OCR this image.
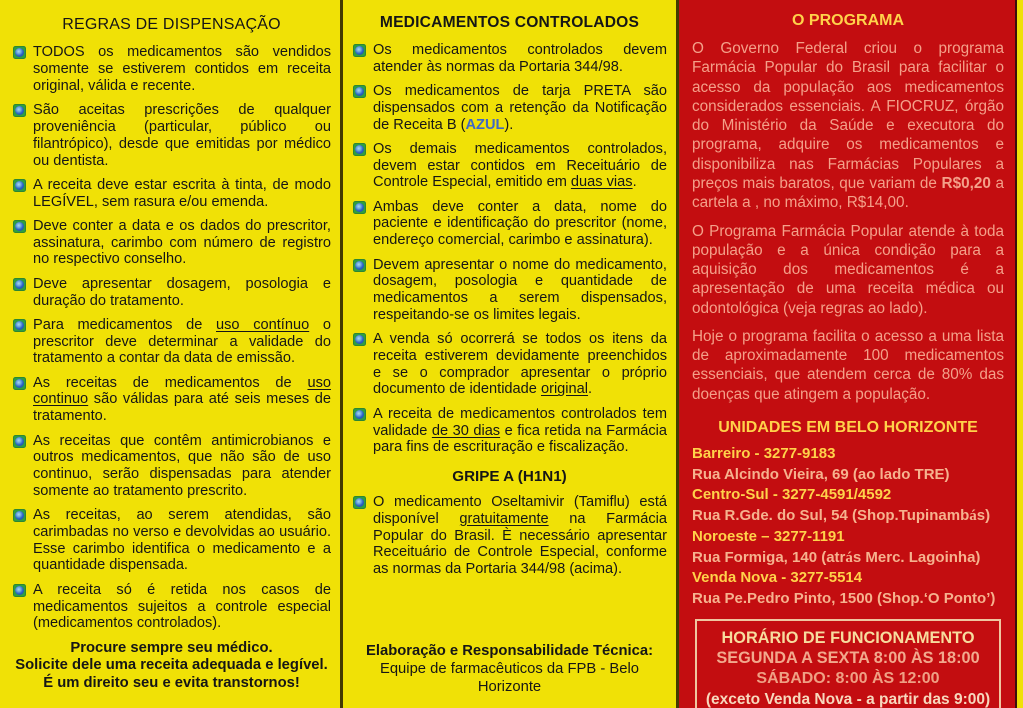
REGRAS DE DISPENSAÇÃO
TODOS os medicamentos são vendidos somente se estiverem contidos em receita original, válida e recente.
São aceitas prescrições de qualquer proveniência (particular, público ou filantrópico), desde que emitidas por médico ou dentista.
A receita deve estar escrita à tinta, de modo LEGÍVEL, sem rasura e/ou emenda.
Deve conter a data e os dados do prescritor, assinatura, carimbo com número de registro no respectivo conselho.
Deve apresentar dosagem, posologia e duração do tratamento.
Para medicamentos de uso contínuo o prescritor deve determinar a validade do tratamento a contar da data de emissão.
As receitas de medicamentos de uso continuo são válidas para até seis meses de tratamento.
As receitas que contêm antimicrobianos e outros medicamentos, que não são de uso continuo, serão dispensadas para atender somente ao tratamento prescrito.
As receitas, ao serem atendidas, são carimbadas no verso e devolvidas ao usuário. Esse carimbo identifica o medicamento e a quantidade dispensada.
A receita só é retida nos casos de medicamentos sujeitos a controle especial (medicamentos controlados).
Procure sempre seu médico.
Solicite dele uma receita adequada e legível.
É um direito seu e evita transtornos!
MEDICAMENTOS CONTROLADOS
Os medicamentos controlados devem atender às normas da Portaria 344/98.
Os medicamentos de tarja PRETA são dispensados com a retenção da Notificação de Receita B (AZUL).
Os demais medicamentos controlados, devem estar contidos em Receituário de Controle Especial, emitido em duas vias.
Ambas deve conter a data, nome do paciente e identificação do prescritor (nome, endereço comercial, carimbo e assinatura).
Devem apresentar o nome do medicamento, dosagem, posologia e quantidade de medicamentos a serem dispensados, respeitando-se os limites legais.
A venda só ocorrerá se todos os itens da receita estiverem devidamente preenchidos e se o comprador apresentar o próprio documento de identidade original.
A receita de medicamentos controlados tem validade de 30 dias e fica retida na Farmácia para fins de escrituração e fiscalização.
GRIPE A (H1N1)
O medicamento Oseltamivir (Tamiflu) está disponível gratuitamente na Farmácia Popular do Brasil. È necessário apresentar Receituário de Controle Especial, conforme as normas da Portaria 344/98 (acima).
Elaboração e Responsabilidade Técnica:
Equipe de farmacêuticos da FPB - Belo Horizonte
O PROGRAMA

O Governo Federal criou o programa Farmácia Popular do Brasil para facilitar o acesso da população aos medicamentos considerados essenciais. A FIOCRUZ, órgão do Ministério da Saúde e executora do programa, adquire os medicamentos e disponibiliza nas Farmácias Populares a preços mais baratos, que variam de R$0,20 a cartela a , no máximo, R$14,00.

O Programa Farmácia Popular atende à toda população e a única condição para a aquisição dos medicamentos é a apresentação de uma receita médica ou odontológica (veja regras ao lado).

Hoje o programa facilita o acesso a uma lista de aproximadamente 100 medicamentos essenciais, que atendem cerca de 80% das doenças que atingem a população.

UNIDADES EM BELO HORIZONTE
Barreiro - 3277-9183
Rua Alcindo Vieira, 69 (ao lado TRE)
Centro-Sul - 3277-4591/4592
Rua R.Gde. do Sul, 54 (Shop.Tupinambás)
Noroeste – 3277-1191
Rua Formiga, 140 (atrás Merc. Lagoinha)
Venda Nova - 3277-5514
Rua Pe.Pedro Pinto, 1500 (Shop.‘O Ponto’)
HORÁRIO DE FUNCIONAMENTO
SEGUNDA A SEXTA 8:00 ÀS 18:00
SÁBADO: 8:00 ÀS 12:00
(exceto Venda Nova - a partir das 9:00)
